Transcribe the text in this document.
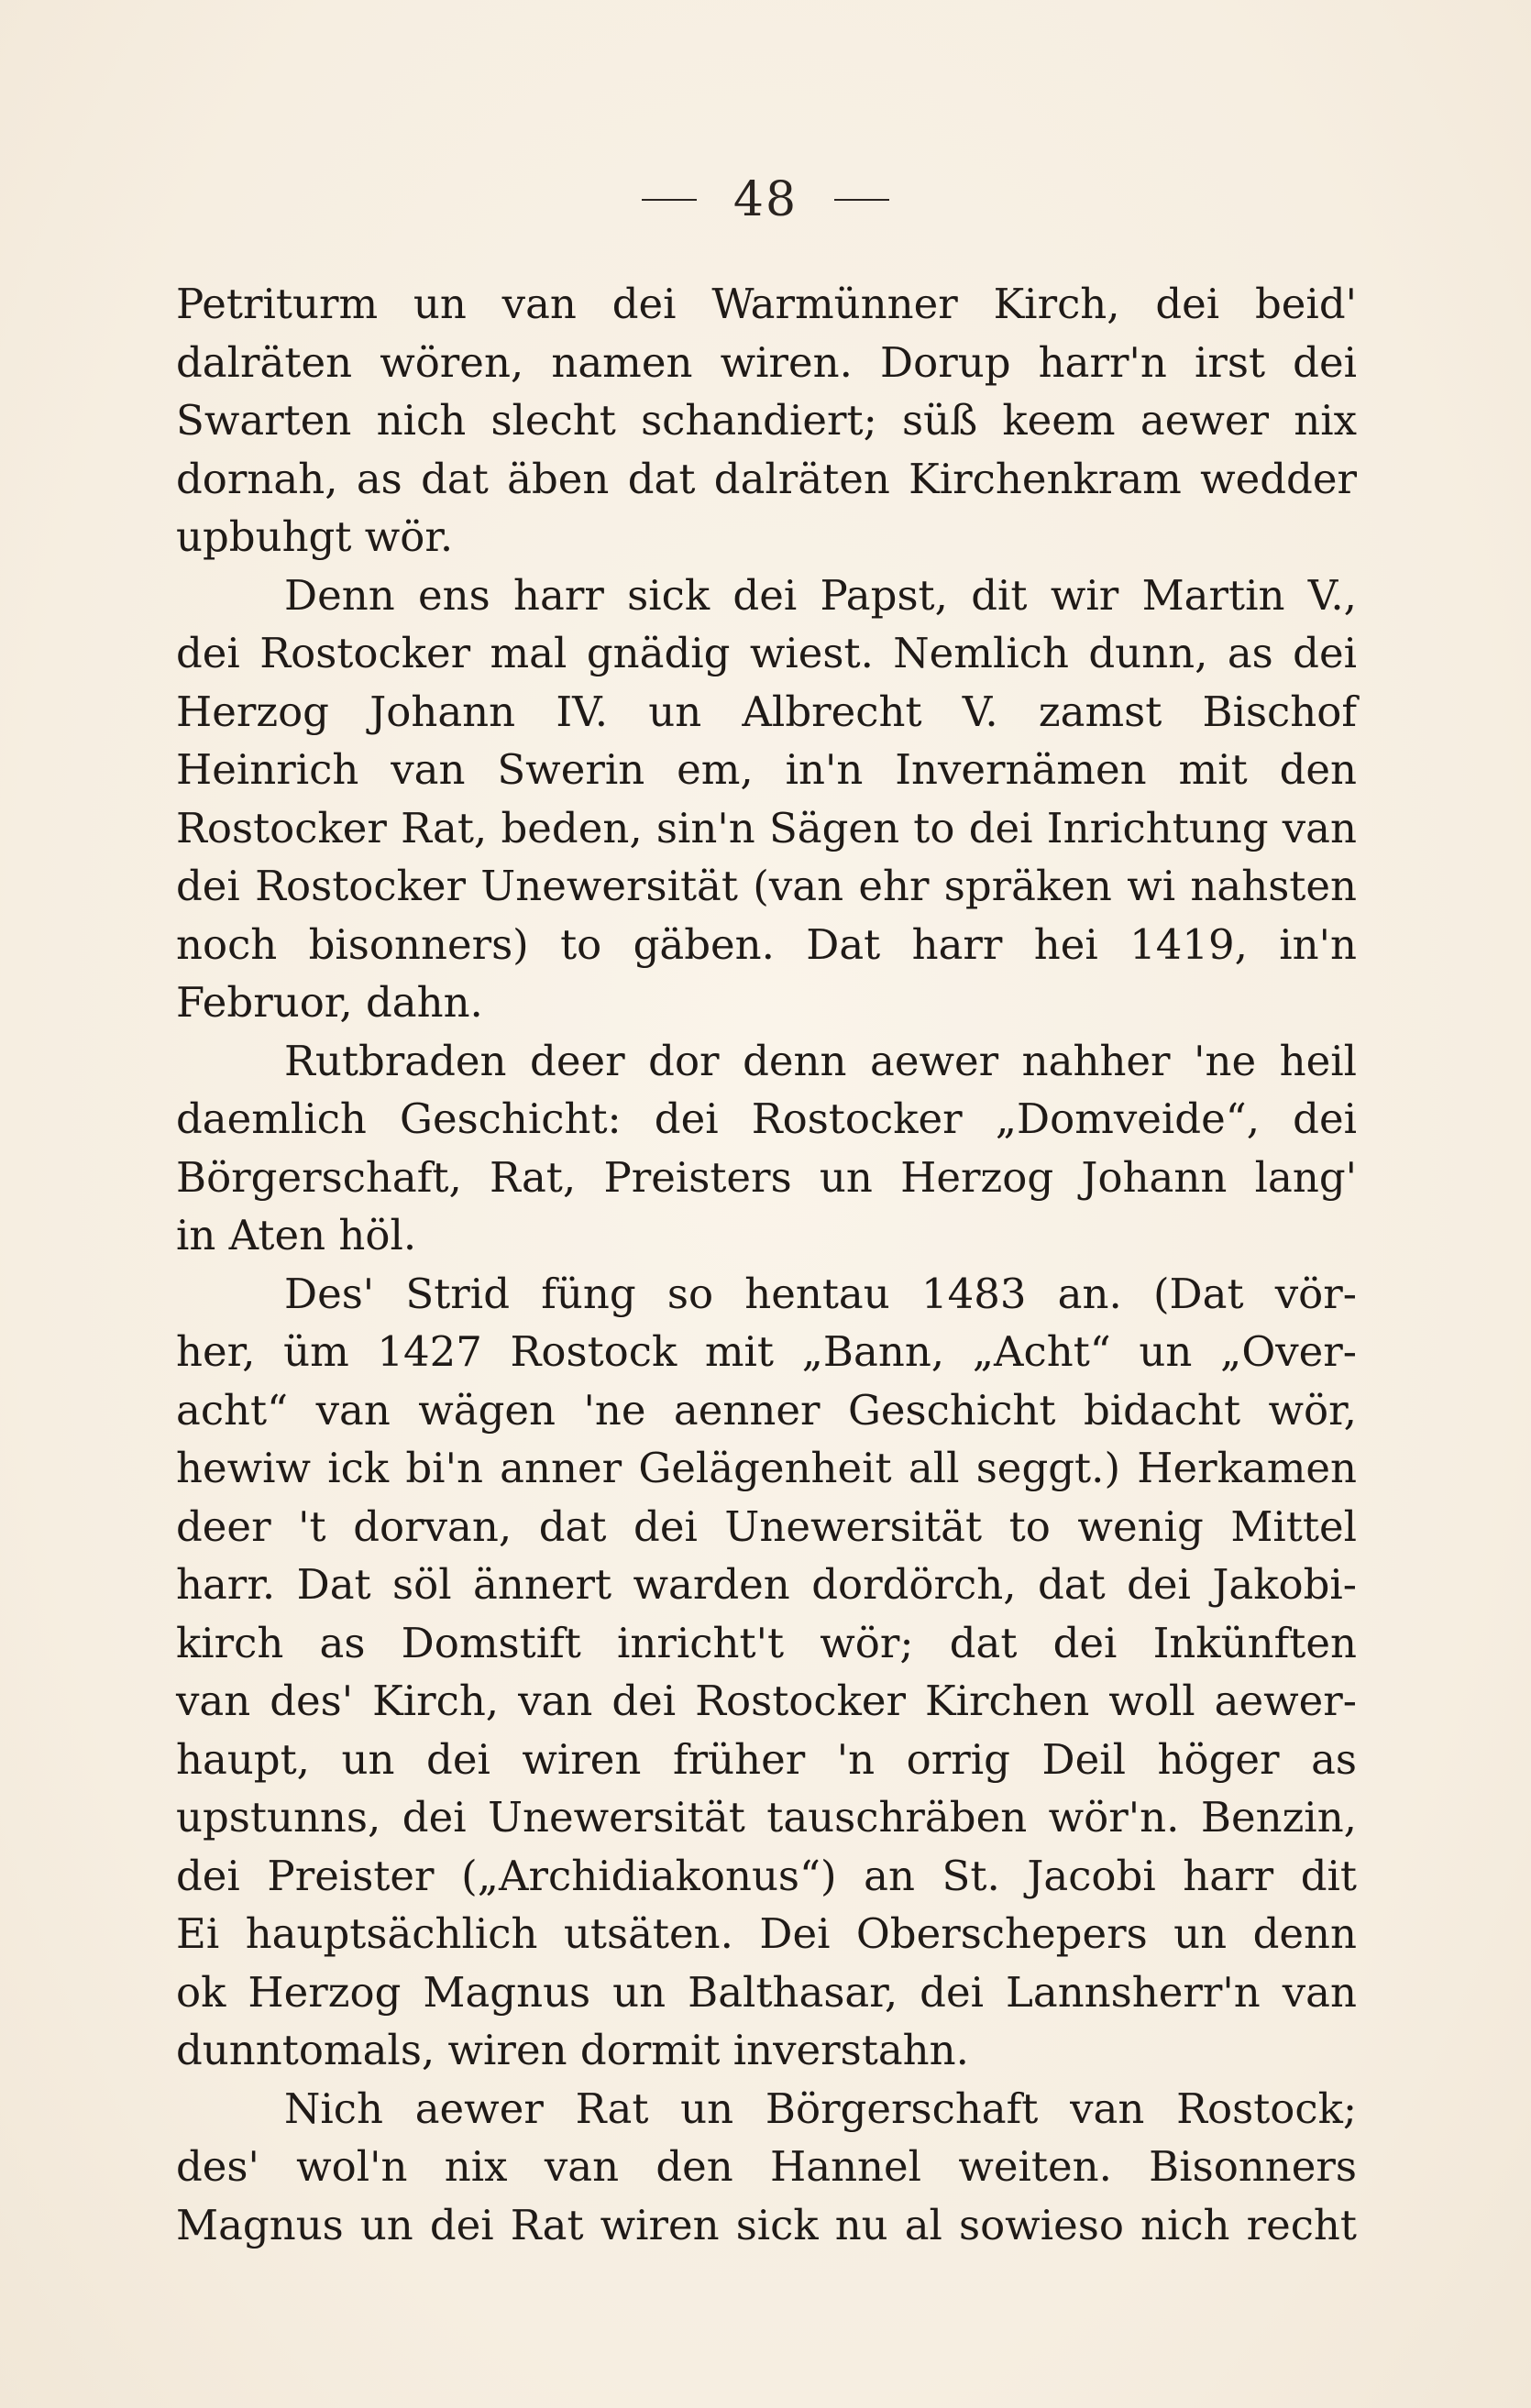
48
Petriturm un van dei Warmünner Kirch, dei beid'
dalräten wören, namen wiren. Dorup harr'n irst dei
Swarten nich slecht schandiert; süß keem aewer nix
dornah, as dat äben dat dalräten Kirchenkram wedder
upbuhgt wör.
Denn ens harr sick dei Papst, dit wir Martin V.,
dei Rostocker mal gnädig wiest. Nemlich dunn, as dei
Herzog Johann IV. un Albrecht V. zamst Bischof
Heinrich van Swerin em, in'n Invernämen mit den
Rostocker Rat, beden, sin'n Sägen to dei Inrichtung van
dei Rostocker Unewersität (van ehr spräken wi nahsten
noch bisonners) to gäben. Dat harr hei 1419, in'n
Februor, dahn.
Rutbraden deer dor denn aewer nahher 'ne heil
daemlich Geschicht: dei Rostocker „Domveide“, dei
Börgerschaft, Rat, Preisters un Herzog Johann lang'
in Aten höl.
Des' Strid füng so hentau 1483 an. (Dat vör-
her, üm 1427 Rostock mit „Bann, „Acht“ un „Over-
acht“ van wägen 'ne aenner Geschicht bidacht wör,
hewiw ick bi'n anner Gelägenheit all seggt.) Herkamen
deer 't dorvan, dat dei Unewersität to wenig Mittel
harr. Dat söl ännert warden dordörch, dat dei Jakobi-
kirch as Domstift inricht't wör; dat dei Inkünften
van des' Kirch, van dei Rostocker Kirchen woll aewer-
haupt, un dei wiren früher 'n orrig Deil höger as
upstunns, dei Unewersität tauschräben wör'n. Benzin,
dei Preister („Archidiakonus“) an St. Jacobi harr dit
Ei hauptsächlich utsäten. Dei Oberschepers un denn
ok Herzog Magnus un Balthasar, dei Lannsherr'n van
dunntomals, wiren dormit inverstahn.
Nich aewer Rat un Börgerschaft van Rostock;
des' wol'n nix van den Hannel weiten. Bisonners
Magnus un dei Rat wiren sick nu al sowieso nich recht
